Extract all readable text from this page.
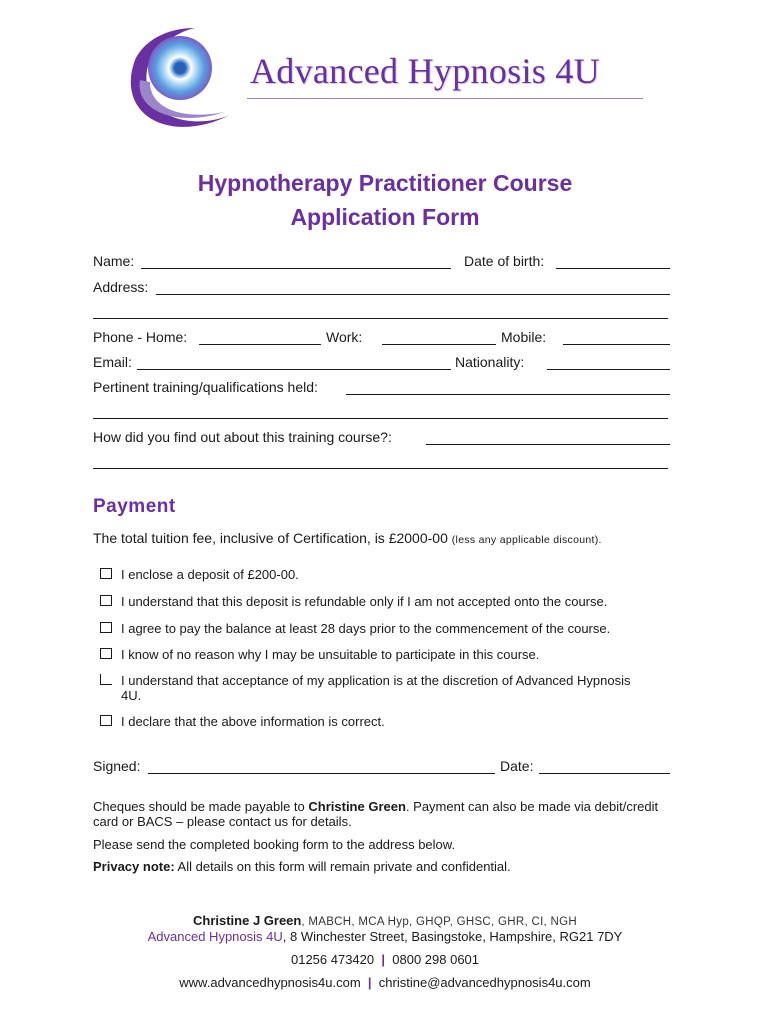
Advanced Hypnosis 4U
Hypnotherapy Practitioner Course
Application Form
Name:	Date of birth:
Address:
Phone - Home:	Work:	Mobile:
Email:	Nationality:
Pertinent training/qualifications held:
How did you find out about this training course?:
Payment
The total tuition fee, inclusive of Certification, is £2000-00 (less any applicable discount).
I enclose a deposit of £200-00.
I understand that this deposit is refundable only if I am not accepted onto the course.
I agree to pay the balance at least 28 days prior to the commencement of the course.
I know of no reason why I may be unsuitable to participate in this course.
I understand that acceptance of my application is at the discretion of Advanced Hypnosis 4U.
I declare that the above information is correct.
Signed:	Date:
Cheques should be made payable to Christine Green. Payment can also be made via debit/credit card or BACS – please contact us for details.
Please send the completed booking form to the address below.
Privacy note: All details on this form will remain private and confidential.
Christine J Green, MABCH, MCA Hyp, GHQP, GHSC, GHR, CI, NGH
Advanced Hypnosis 4U, 8 Winchester Street, Basingstoke, Hampshire, RG21 7DY
01256 473420 | 0800 298 0601
www.advancedhypnosis4u.com | christine@advancedhypnosis4u.com
